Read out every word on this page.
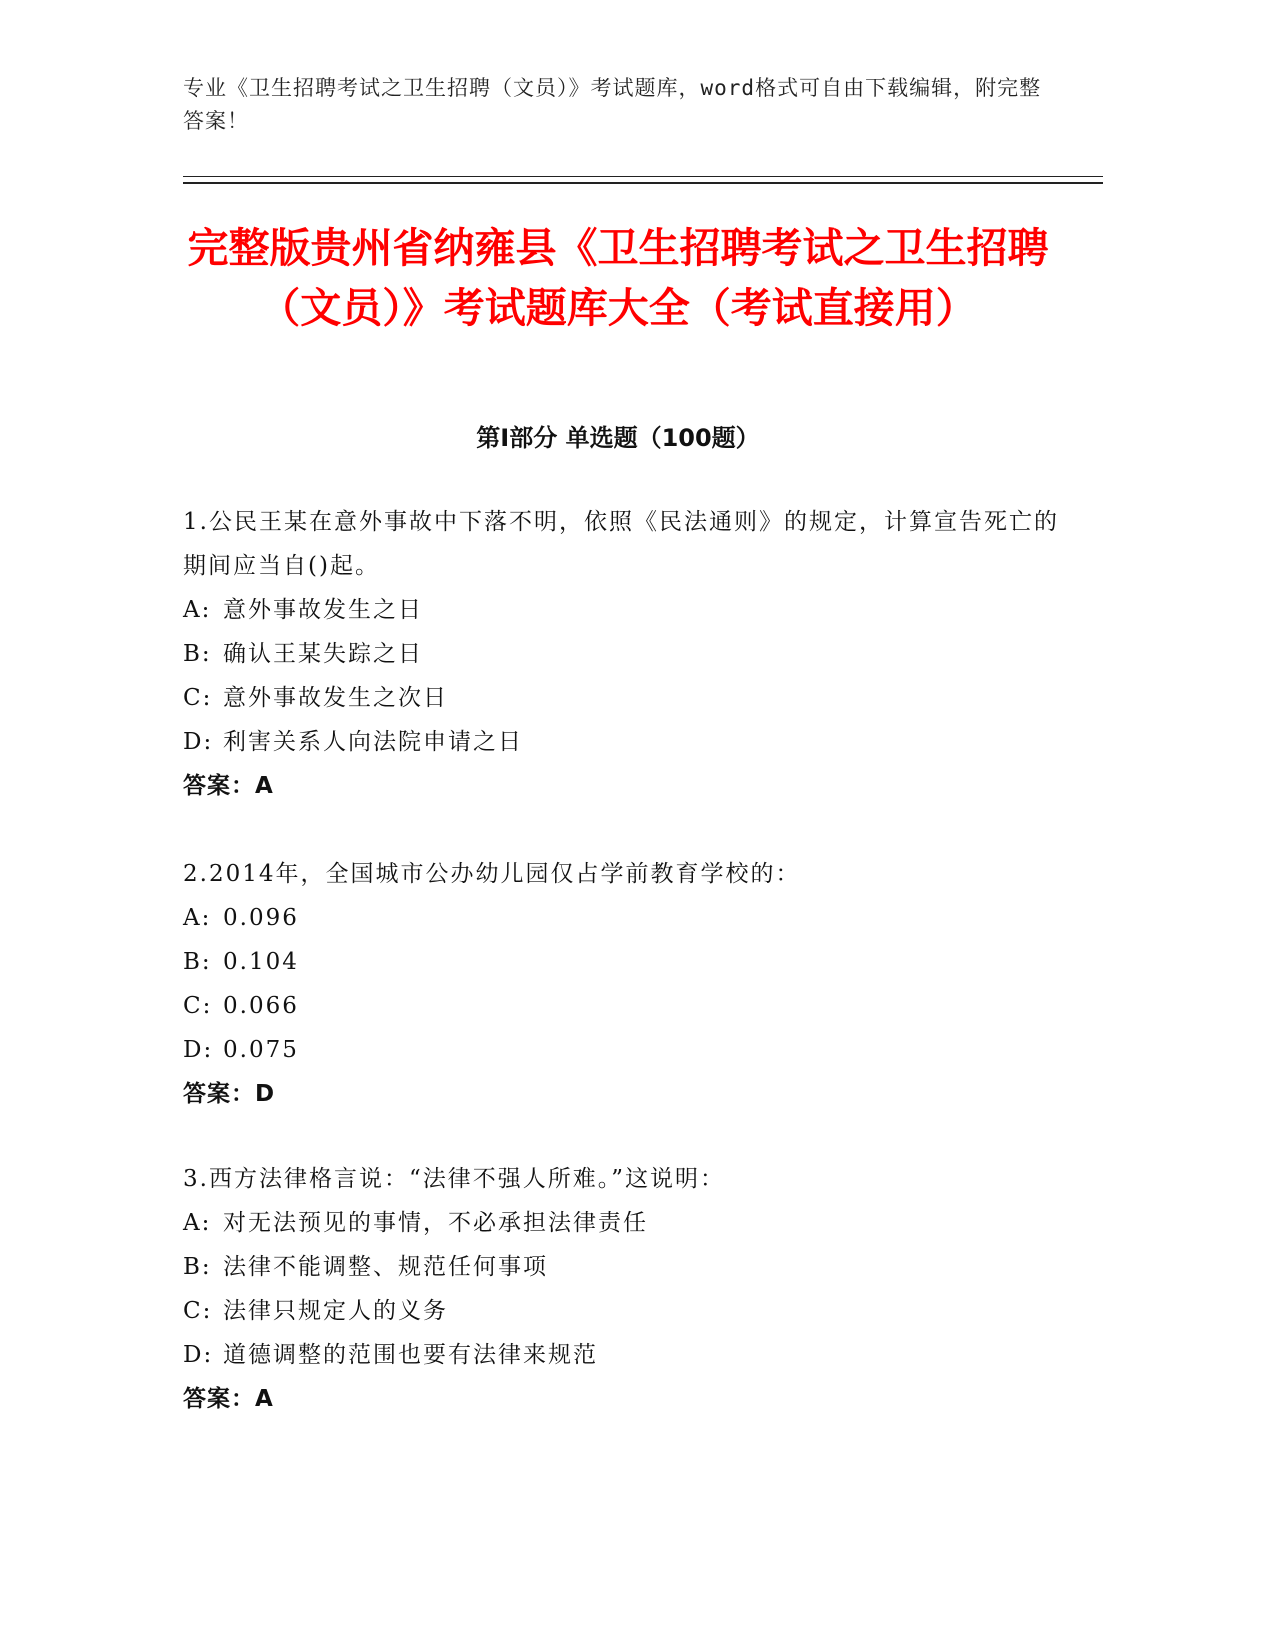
专业《卫生招聘考试之卫生招聘（文员）》考试题库，word格式可自由下载编辑，附完整答案！
完整版贵州省纳雍县《卫生招聘考试之卫生招聘（文员）》考试题库大全（考试直接用）
第I部分 单选题（100题）
1.公民王某在意外事故中下落不明，依照《民法通则》的规定，计算宣告死亡的期间应当自()起。
A: 意外事故发生之日
B: 确认王某失踪之日
C: 意外事故发生之次日
D: 利害关系人向法院申请之日
答案：A
2.2014年，全国城市公办幼儿园仅占学前教育学校的：
A: 0.096
B: 0.104
C: 0.066
D: 0.075
答案：D
3.西方法律格言说：“法律不强人所难。”这说明：
A: 对无法预见的事情，不必承担法律责任
B: 法律不能调整、规范任何事项
C: 法律只规定人的义务
D: 道德调整的范围也要有法律来规范
答案：A
